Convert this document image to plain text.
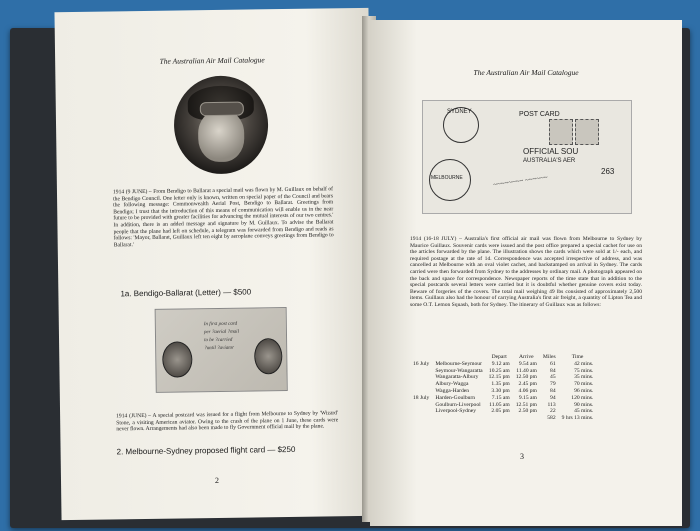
The Australian Air Mail Catalogue

1914 (9 JUNE) – From Bendigo to Ballarat a special mail was flown by M. Guillaux on behalf of the Bendigo Council. One letter only is known, written on special paper of the Council and bears the following message: Commonwealth Aerial Post, Bendigo to Ballarat. Greetings from Bendigo; I trust that the introduction of this means of communication will enable us in the near future to be provided with greater facilities for advancing the mutual interests of our two centres.' In addition, there is an added message and signature by M. Guillaux. To advise the Ballarat people that the plane had left on schedule, a telegram was forwarded from Bendigo and reads as follows: 'Mayor, Ballarat, Guillaux left ten eight by aeroplane conveys greetings from Bendigo to Ballarat.'

1a. Bendigo-Ballarat (Letter) — $500
In first post card
per ?aerial ?mail
to be ?carried
?until ?aviator

1914 (JUNE) – A special postcard was issued for a flight from Melbourne to Sydney by 'Wizard' Stone, a visiting American aviator. Owing to the crash of the plane on 1 June, these cards were never flown. Arrangements had also been made to fly Government official mail by the plane.

2. Melbourne-Sydney proposed flight card — $250
2
The Australian Air Mail Catalogue
SYDNEY	POST CARD
OFFICIAL SOU
AUSTRALIA'S AER
263
MELBOURNE	~~~~~~~~ ~~~~~~

1914 (16-18 JULY) – Australia's first official air mail was flown from Melbourne to Sydney by Maurice Guillaux. Souvenir cards were issued and the post office prepared a special cachet for use on the articles forwarded by the plane. The illustration shows the cards which were sold at 1/- each, and required postage at the rate of 1d. Correspondence was accepted irrespective of address, and was cancelled at Melbourne with an oval violet cachet, and backstamped on arrival in Sydney. The cards carried were then forwarded from Sydney to the addresses by ordinary mail. A photograph appeared on the back and space for correspondence. Newspaper reports of the time state that in addition to the special postcards several letters were carried but it is doubtful whether genuine covers exist today. Beware of forgeries of the covers. The total mail weighing 49 lbs consisted of approximately 2,500 items. Guillaux also had the honour of carrying Australia's first air freight, a quantity of Lipton Tea and some O.T. Lemon Squash, both for Sydney. The itinerary of Guillaux was as follows:

		Depart	Arrive	Miles	Time
16 July	Melbourne-Seymour	9.12 am	9.54 am	61	42 mins.
	Seymour-Wangaratta	10.25 am	11.40 am	84	75 mins.
	Wangaratta-Albury	12.15 pm	12.50 pm	45	35 mins.
	Albury-Wagga	1.35 pm	2.45 pm	79	70 mins.
	Wagga-Harden	3.30 pm	4.06 pm	84	96 mins.
18 July	Harden-Goulburn	7.15 am	9.15 am	94	120 mins.
	Goulburn-Liverpool	11.05 am	12.51 pm	113	90 mins.
	Liverpool-Sydney	2.05 pm	2.50 pm	22	45 mins.
				582	9 hrs 13 mins.
3
